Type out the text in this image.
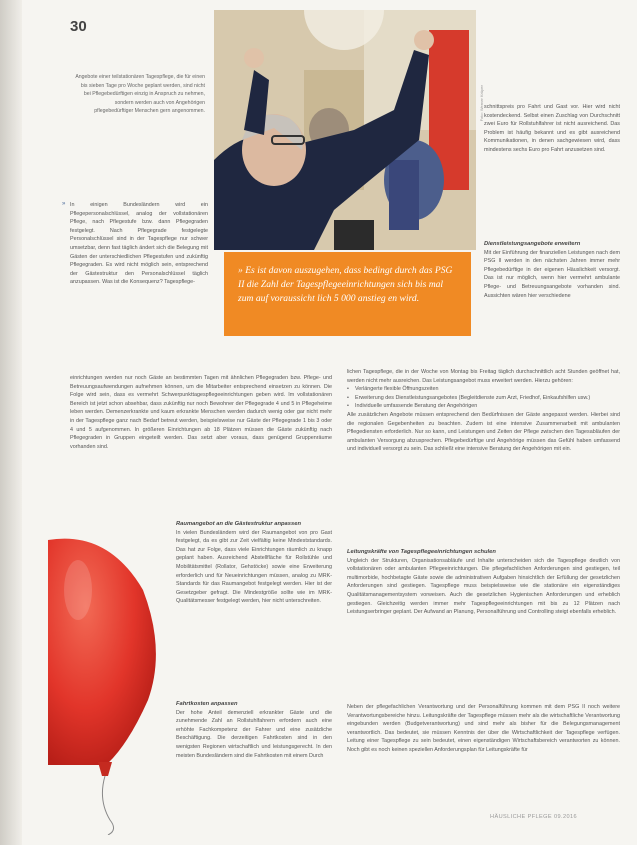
30
Angebote einer teilstationären Tagespflege, die für einen bis sieben Tage pro Woche geplant werden, sind nicht bei Pflegebedürftigen einzig in Anspruch zu nehmen, sondern werden auch von Angehörigen pflegebedürftiger Menschen gern angenommen.	Foto: Werner Krüper

» Es ist davon auszugehen, dass bedingt durch das PSG II die Zahl der Tagespflegeeinrichtungen sich bis mal zum auf voraussicht lich 5 000 anstieg en wird.

» In einigen Bundesländern wird ein Pflegepersonalschlüssel, analog der vollstationären Pflege, nach Pflegestufe bzw. dann Pflegegraden festgelegt. Nach Pflegegrade festgelegte Personalschlüssel sind in der Tagespflege nur schwer umsetzbar, denn fast täglich ändert sich die Belegung mit Gästen der unterschiedlichen Pflegestufen und zukünftig Pflegegraden. Es wird nicht möglich sein, entsprechend der Gästestruktur den Personalschlüssel täglich anzupassen. Was ist die Konsequenz? Tagespflege-

einrichtungen werden nur noch Gäste an bestimmten Tagen mit ähnlichen Pflegegraden bzw. Pflege- und Betreuungsaufwendungen aufnehmen können, um die Mitarbeiter entsprechend einsetzen zu können. Die Folge wird sein, dass es vermehrt Schwerpunkttagespflegeeinrichtungen geben wird. Im vollstationären Bereich ist jetzt schon absehbar, dass zukünftig nur noch Bewohner der Pflegegrade 4 und 5 in Pflegeheime leben werden. Demenzerkrankte und kaum erkrankte Menschen werden dadurch wenig oder gar nicht mehr in der Tagespflege ganz nach Bedarf betreut werden, beispielsweise nur Gäste der Pflegegrade 1 bis 3 oder 4 und 5 aufgenommen. In größeren Einrichtungen ab 18 Plätzen müssen die Gäste zukünftig nach Pflegegraden in Gruppen eingeteilt werden. Das setzt aber voraus, dass genügend Gruppenräume vorhanden sind.

Raumangebot an die Gästestruktur anpassen

In vielen Bundesländern wird der Raumangebot von pro Gast festgelegt, da es gibt zur Zeit vielfältig keine Mindeststandards. Das hat zur Folge, dass viele Einrichtungen räumlich zu knapp geplant haben. Ausreichend Abstellfläche für Rollstühle und Mobilitätsmittel (Rollator, Gehstöcke) sowie eine Erweiterung erforderlich und für Neueinrichtungen müssen, analog zu MRK-Standards für das Raumangebot festgelegt werden. Hier ist der Gesetzgeber gefragt. Die Mindestgröße sollte wie im MRK-Qualitätsmesser festgelegt werden, hier nicht unterschreiten.

Fahrtkosten anpassen

Der hohe Anteil demenziell erkrankter Gäste und die zunehmende Zahl an Rollstuhlfahrern erfordern auch eine erhöhte Fachkompetenz der Fahrer und eine zusätzliche Beschäftigung. Die derzeitigen Fahrtkosten sind in den wenigsten Regionen wirtschaftlich und leistungsgerecht. In den meisten Bundesländern sind die Fahrtkosten mit einem Durch

schnittspreis pro Fahrt und Gast vor. Hier wird nicht kostendeckend. Selbst einen Zuschlag von Durchschnitt zwei Euro für Rollstuhlfahrer ist nicht ausreichend. Das Problem ist häufig bekannt und es gibt ausreichend Kommunikationen, in denen sachgewiesen wird, dass mindestens sechs Euro pro Fahrt anzusetzen sind.

Dienstleistungsangebote erweitern

Mit der Einführung der finanziellen Leistungen nach dem PSG II werden in den nächsten Jahren immer mehr Pflegebedürftige in der eigenen Häuslichkeit versorgt. Das ist nur möglich, wenn hier vermehrt ambulante Pflege- und Betreuungsangebote vorhanden sind. Aussichten wären hier verschiedene

lichen Tagespflege, die in der Woche von Montag bis Freitag täglich durchschnittlich acht Stunden geöffnet hat, werden nicht mehr ausreichen. Das Leistungsangebot muss erweitert werden. Hierzu gehören:

• Verlängerte flexible Öffnungszeiten
• Erweiterung des Dienstleistungsangebotes (Begleitdienste zum Arzt, Friedhof, Einkaufshilfen usw.)
• Individuelle umfassende Beratung der Angehörigen

Alle zusätzlichen Angebote müssen entsprechend den Bedürfnissen der Gäste angepasst werden. Hierbei sind die regionalen Gegebenheiten zu beachten. Zudem ist eine intensive Zusammenarbeit mit ambulanten Pflegediensten erforderlich. Nur so kann, und Leistungen und Zeiten der Pflege zwischen den Tagesabläufen der ambulanten Versorgung abzusprechen. Pflegebedürftige und Angehörige müssen das Gefühl haben umfassend und individuell versorgt zu sein. Das schließt eine intensive Beratung der Angehörigen mit ein.

Leitungskräfte von Tagespflegeeinrichtungen schulen

Ungleich der Strukturen, Organisationsabläufe und Inhalte unterscheiden sich die Tagespflege deutlich von vollstationären oder ambulanten Pflegeeinrichtungen. Die pflegefachlichen Anforderungen sind gestiegen, teil multimorbide, hochbetagte Gäste sowie die administrativen Aufgaben hinsichtlich der Erfüllung der gesetzlichen Anforderungen sind gestiegen. Tagespflege muss beispielsweise wie die stationäre ein eigenständiges Qualitätsmanagementsystem vorweisen. Auch die gesetzlichen Hygienischen Anforderungen und erheblich gestiegen. Gleichzeitig werden immer mehr Tagespflegeeinrichtungen mit bis zu 12 Plätzen nach Leistungserbringer geplant. Der Aufwand an Planung, Personalführung und Controlling steigt ebenfalls erheblich.

Neben der pflegefachlichen Verantwortung und der Personalführung kommen mit dem PSG II noch weitere Verantwortungsbereiche hinzu. Leitungskräfte der Tagespflege müssen mehr als die wirtschaftliche Verantwortung eingebunden werden (Budgetverantwortung) und sind mehr als bisher für die Belegungsmanagement verantwortlich. Das bedeutet, sie müssen Kenntnis der über die Wirtschaftlichkeit der Tagespflege verfügen. Leitung einer Tagespflege zu sein bedeutet, einen eigenständigen Wirtschaftsbereich verantworten zu können. Noch gibt es noch keinen speziellen Anforderungsplan für Leitungskräfte für

HÄUSLICHE PFLEGE 09.2016
